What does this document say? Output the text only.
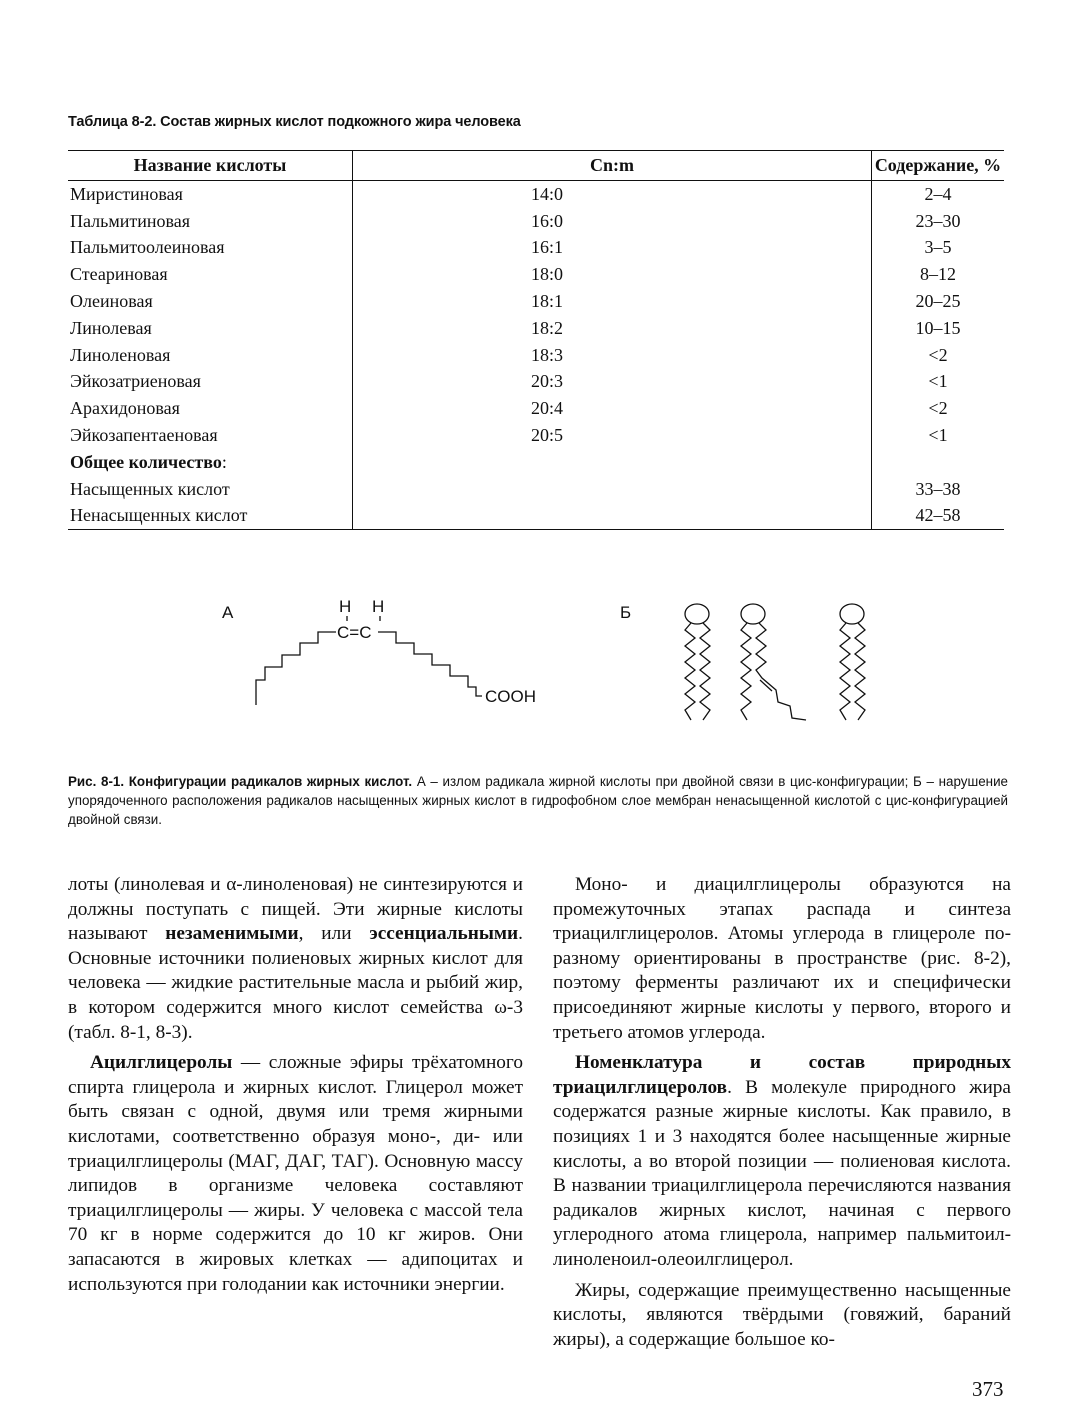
Таблица 8-2. Состав жирных кислот подкожного жира человека
Название кислоты	Cn:m	Содержание, %
Миристиновая	14:0	2–4
Пальмитиновая	16:0	23–30
Пальмитоолеиновая	16:1	3–5
Стеариновая	18:0	8–12
Олеиновая	18:1	20–25
Линолевая	18:2	10–15
Линоленовая	18:3	<2
Эйкозатриеновая	20:3	<1
Арахидоновая	20:4	<2
Эйкозапентаеновая	20:5	<1
Общее количество:		
Насыщенных кислот		33–38
Ненасыщенных кислот		42–58
А	H H
C=C
COOH
Б
Рис. 8-1. Конфигурации радикалов жирных кислот. А – излом радикала жирной кислоты при двойной связи в цис-конфигурации; Б – нарушение упорядоченного расположения радикалов насыщенных жирных кислот в гидрофобном слое мембран ненасыщенной кислотой с цис-конфигурацией двойной связи.

лоты (линолевая и α-линоленовая) не синтезируются и должны поступать с пищей. Эти жирные кислоты называют незаменимыми, или эссенциальными. Основные источники полиеновых жирных кислот для человека — жидкие растительные масла и рыбий жир, в котором содержится много кислот семейства ω-3 (табл. 8-1, 8-3).

Ацилглицеролы — сложные эфиры трёхатомного спирта глицерола и жирных кислот. Глицерол может быть связан с одной, двумя или тремя жирными кислотами, соответственно образуя моно-, ди- или триацилглицеролы (МАГ, ДАГ, ТАГ). Основную массу липидов в организме человека составляют триацилглицеролы — жиры. У человека с массой тела 70 кг в норме содержится до 10 кг жиров. Они запасаются в жировых клетках — адипоцитах и используются при голодании как источники энергии.

Моно- и диацилглицеролы образуются на промежуточных этапах распада и синтеза триацилглицеролов. Атомы углерода в глицероле по-разному ориентированы в пространстве (рис. 8-2), поэтому ферменты различают их и специфически присоединяют жирные кислоты у первого, второго и третьего атомов углерода.

Номенклатура и состав природных триацилглицеролов. В молекуле природного жира содержатся разные жирные кислоты. Как правило, в позициях 1 и 3 находятся более насыщенные жирные кислоты, а во второй позиции — полиеновая кислота. В названии триацилглицерола перечисляются названия радикалов жирных кислот, начиная с первого углеродного атома глицерола, например пальмитоил-линоленоил-олеоилглицерол.

Жиры, содержащие преимущественно насыщенные кислоты, являются твёрдыми (говяжий, бараний жиры), а содержащие большое ко-

373
